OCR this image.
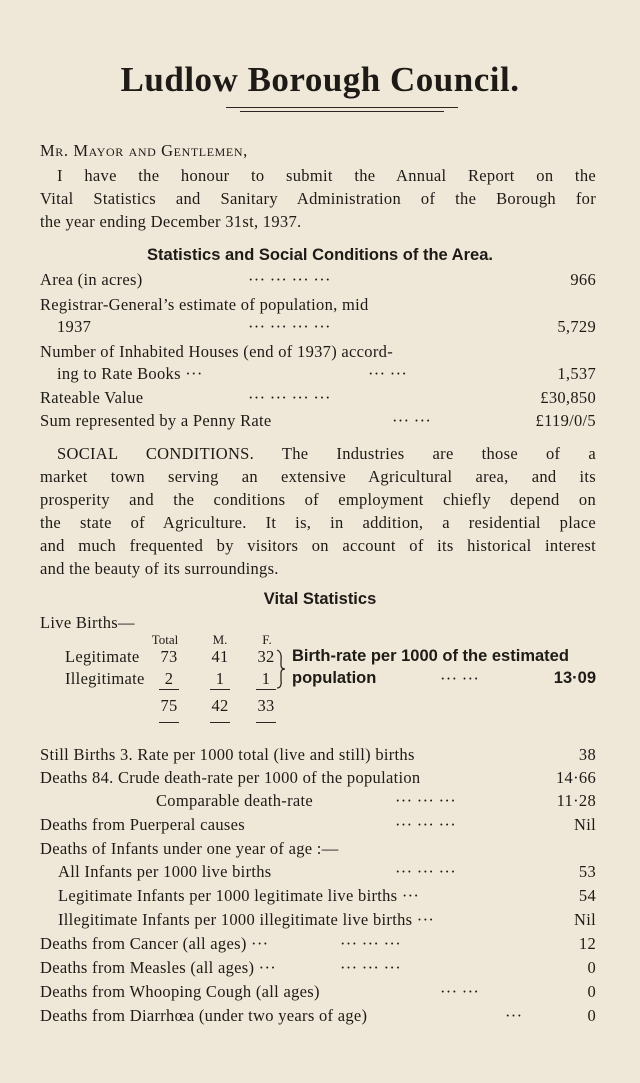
Ludlow Borough Council.
Mr. Mayor and Gentlemen,
I have the honour to submit the Annual Report on the
Vital Statistics and Sanitary Administration of the Borough for
the year ending December 31st, 1937.
Statistics and Social Conditions of the Area.
Area (in acres)	··· ··· ··· ···	966
Registrar-General’s estimate of population, mid
1937	··· ··· ··· ···	5,729
Number of Inhabited Houses (end of 1937) accord-
ing to Rate Books ···	··· ···	1,537
Rateable Value	··· ··· ··· ···	£30,850
Sum represented by a Penny Rate	··· ···	£119/0/5
SOCIAL CONDITIONS. The Industries are those of a
market town serving an extensive Agricultural area, and its
prosperity and the conditions of employment chiefly depend on
the state of Agriculture. It is, in addition, a residential place
and much frequented by visitors on account of its historical interest
and the beauty of its surroundings.
Vital Statistics
Live Births—
Total	M.	F.
Legitimate 73 41 32
Illegitimate	2	1	1
Birth-rate per 1000 of the estimated
population	··· ···	13·09
75 42 33
Still Births 3. Rate per 1000 total (live and still) births	38
Deaths 84. Crude death-rate per 1000 of the population	14·66
Comparable death-rate	··· ··· ···	11·28
Deaths from Puerperal causes	··· ··· ···	Nil
Deaths of Infants under one year of age :—
All Infants per 1000 live births	··· ··· ···	53
Legitimate Infants per 1000 legitimate live births ···	54
Illegitimate Infants per 1000 illegitimate live births ···	Nil
Deaths from Cancer (all ages) ···	··· ··· ···	12
Deaths from Measles (all ages) ···	··· ··· ···	0
Deaths from Whooping Cough (all ages)	··· ···	0
Deaths from Diarrhœa (under two years of age)	···	0
